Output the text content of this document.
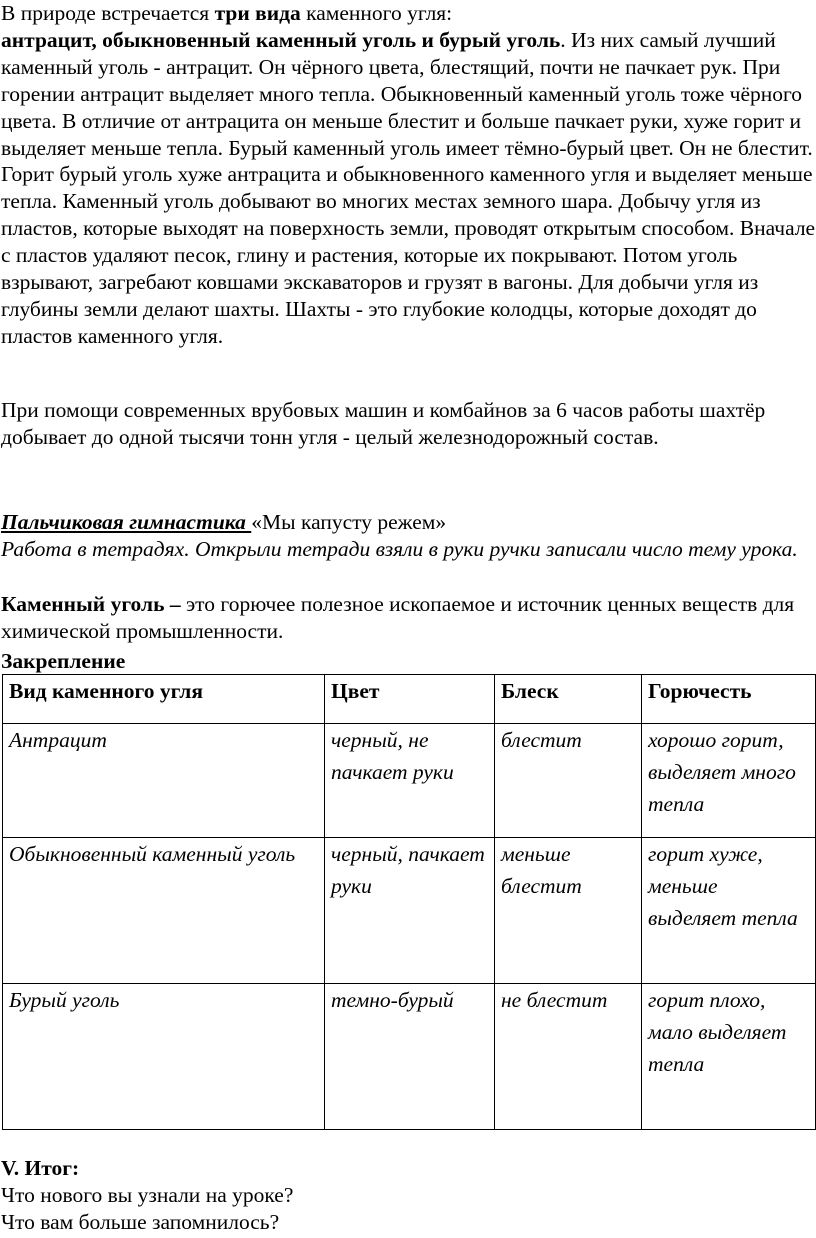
В природе встречается три вида каменного угля:
антрацит, обыкновенный каменный уголь и бурый уголь. Из них самый лучший каменный уголь - антрацит. Он чёрного цвета, блестящий, почти не пачкает рук. При горении антрацит выделяет много тепла. Обыкновенный каменный уголь тоже чёрного цвета. В отличие от антрацита он меньше блестит и больше пачкает руки, хуже горит и выделяет меньше тепла. Бурый каменный уголь имеет тёмно-бурый цвет. Он не блестит. Горит бурый уголь хуже антрацита и обыкновенного каменного угля и выделяет меньше тепла. Каменный уголь добывают во многих местах земного шара. Добычу угля из пластов, которые выходят на поверхность земли, проводят открытым способом. Вначале с пластов удаляют песок, глину и растения, которые их покрывают. Потом уголь взрывают, загребают ковшами экскаваторов и грузят в вагоны. Для добычи угля из глубины земли делают шахты. Шахты - это глубокие колодцы, которые доходят до пластов каменного угля.

При помощи современных врубовых машин и комбайнов за 6 часов работы шахтёр добывает до одной тысячи тонн угля - целый железнодорожный состав.

Пальчиковая гимнастика «Мы капусту режем»

Работа в тетрадях. Открыли тетради взяли в руки ручки записали число тему урока.

Каменный уголь – это горючее полезное ископаемое и источник ценных веществ для химической промышленности.

Закрепление

Вид каменного угля	Цвет	Блеск	Горючесть
Антрацит	черный, не пачкает руки	блестит	хорошо горит, выделяет много тепла
Обыкновенный каменный уголь	черный, пачкает руки	меньше блестит	горит хуже, меньше выделяет тепла
Бурый уголь	темно-бурый	не блестит	горит плохо, мало выделяет тепла

V. Итог:

Что нового вы узнали на уроке?

Что вам больше запомнилось?
